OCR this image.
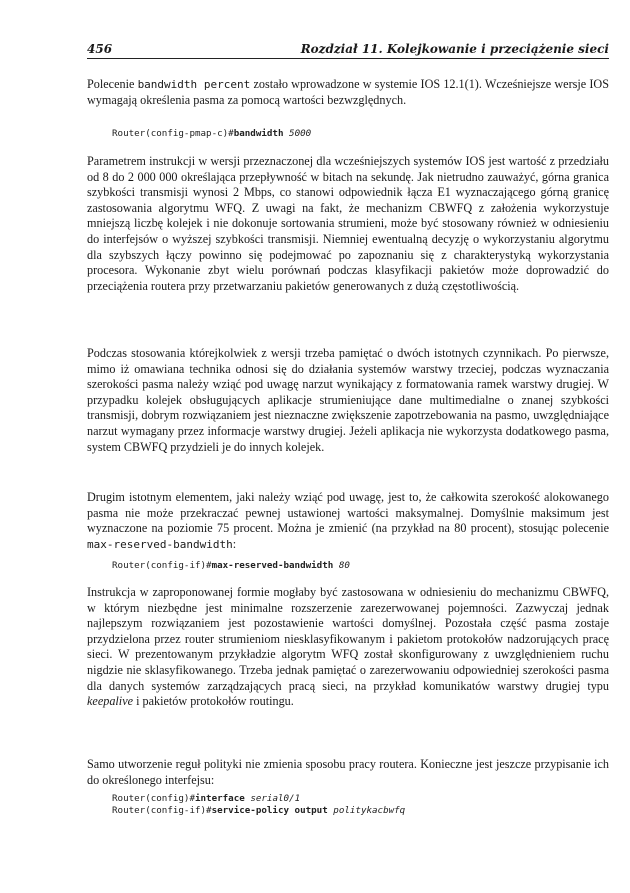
456	Rozdział 11. Kolejkowanie i przeciążenie sieci

Polecenie bandwidth percent zostało wprowadzone w systemie IOS 12.1(1). Wcześniejsze wersje IOS wymagają określenia pasma za pomocą wartości bezwzględnych.

Router(config-pmap-c)#bandwidth 5000

Parametrem instrukcji w wersji przeznaczonej dla wcześniejszych systemów IOS jest wartość z przedziału od 8 do 2 000 000 określająca przepływność w bitach na sekundę. Jak nietrudno zauważyć, górna granica szybkości transmisji wynosi 2 Mbps, co stanowi odpowiednik łącza E1 wyznaczającego górną granicę zastosowania algorytmu WFQ. Z uwagi na fakt, że mechanizm CBWFQ z założenia wykorzystuje mniejszą liczbę kolejek i nie dokonuje sortowania strumieni, może być stosowany również w odniesieniu do interfejsów o wyższej szybkości transmisji. Niemniej ewentualną decyzję o wykorzystaniu algorytmu dla szybszych łączy powinno się podejmować po zapoznaniu się z charakterystyką wykorzystania procesora. Wykonanie zbyt wielu porównań podczas klasyfikacji pakietów może doprowadzić do przeciążenia routera przy przetwarzaniu pakietów generowanych z dużą częstotliwością.

Podczas stosowania którejkolwiek z wersji trzeba pamiętać o dwóch istotnych czynnikach. Po pierwsze, mimo iż omawiana technika odnosi się do działania systemów warstwy trzeciej, podczas wyznaczania szerokości pasma należy wziąć pod uwagę narzut wynikający z formatowania ramek warstwy drugiej. W przypadku kolejek obsługujących aplikacje strumieniujące dane multimedialne o znanej szybkości transmisji, dobrym rozwiązaniem jest nieznaczne zwiększenie zapotrzebowania na pasmo, uwzględniające narzut wymagany przez informacje warstwy drugiej. Jeżeli aplikacja nie wykorzysta dodatkowego pasma, system CBWFQ przydzieli je do innych kolejek.

Drugim istotnym elementem, jaki należy wziąć pod uwagę, jest to, że całkowita szerokość alokowanego pasma nie może przekraczać pewnej ustawionej wartości maksymalnej. Domyślnie maksimum jest wyznaczone na poziomie 75 procent. Można je zmienić (na przykład na 80 procent), stosując polecenie max-reserved-bandwidth:

Router(config-if)#max-reserved-bandwidth 80

Instrukcja w zaproponowanej formie mogłaby być zastosowana w odniesieniu do mechanizmu CBWFQ, w którym niezbędne jest minimalne rozszerzenie zarezerwowanej pojemności. Zazwyczaj jednak najlepszym rozwiązaniem jest pozostawienie wartości domyślnej. Pozostała część pasma zostaje przydzielona przez router strumieniom niesklasyfikowanym i pakietom protokołów nadzorujących pracę sieci. W prezentowanym przykładzie algorytm WFQ został skonfigurowany z uwzględnieniem ruchu nigdzie nie sklasyfikowanego. Trzeba jednak pamiętać o zarezerwowaniu odpowiedniej szerokości pasma dla danych systemów zarządzających pracą sieci, na przykład komunikatów warstwy drugiej typu keepalive i pakietów protokołów routingu.

Samo utworzenie reguł polityki nie zmienia sposobu pracy routera. Konieczne jest jeszcze przypisanie ich do określonego interfejsu:

Router(config)#interface serial0/1
Router(config-if)#service-policy output politykacbwfq
